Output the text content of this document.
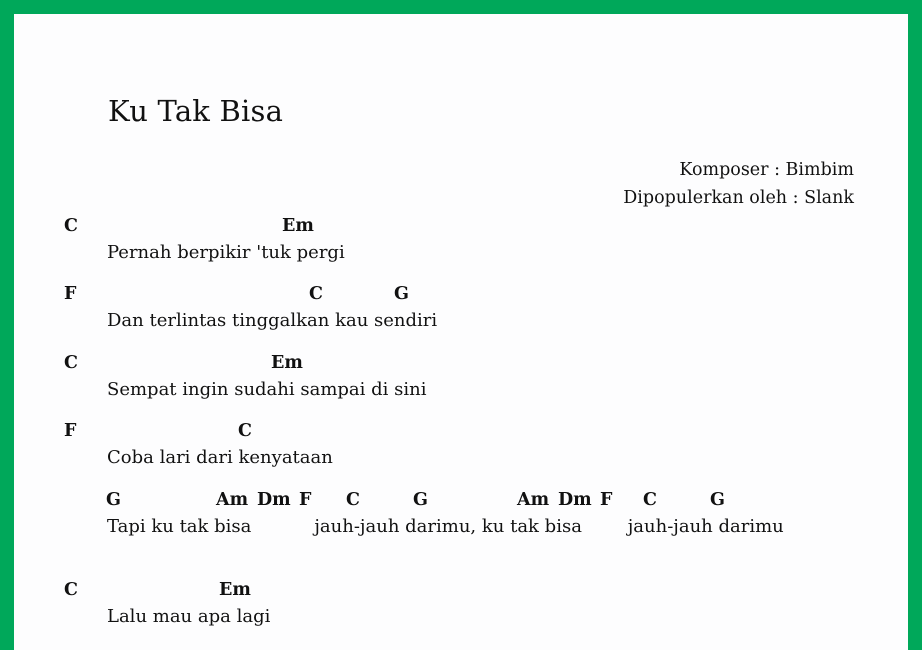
Ku Tak Bisa
Komposer : Bimbim
Dipopulerkan oleh : Slank
C	Em
Pernah berpikir 'tuk pergi
F	C	G
Dan terlintas tinggalkan kau sendiri
C	Em
Sempat ingin sudahi sampai di sini
F	C
Coba lari dari kenyataan
G	Am Dm F C	G	Am Dm F C	G
Tapi ku tak bisa           jauh-jauh darimu, ku tak bisa        jauh-jauh darimu
C	Em
Lalu mau apa lagi
